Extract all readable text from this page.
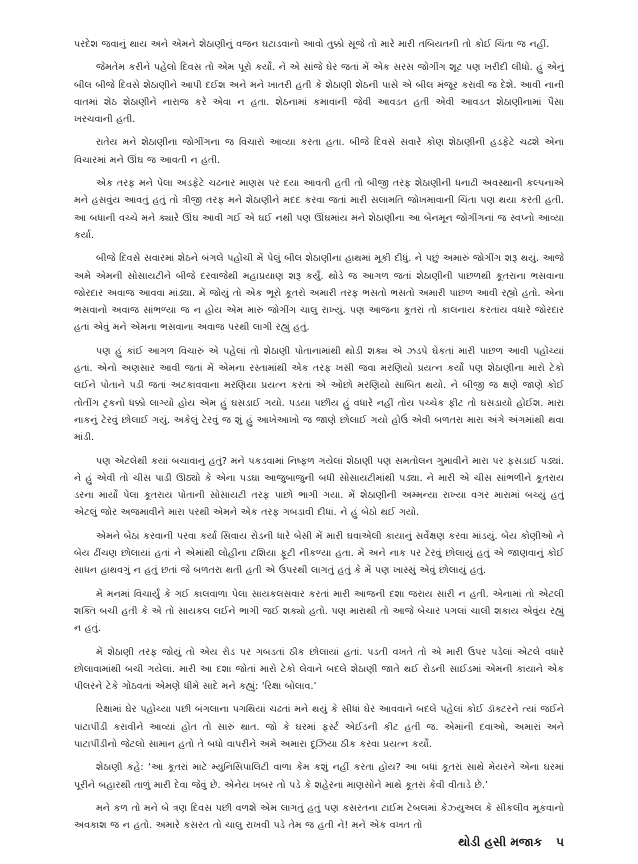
પરદેશ જવાનું થાય અને એમને શેઠાણીનું વજન ઘટાડવાનો આવો તુક્કો સૂજે તો મારે મારી તબિયતની તો કોઈ ચિંતા જ નહીં.

જેમતેમ કરીને પહેલો દિવસ તો એમ પૂરો કર્યો. ને એ સાંજે ઘેર જતાં મેં એક સરસ જોગીંગ શૂટ પણ ખરીદી લીધો. હું એનું બીલ બીજે દિવસે શેઠાણીને આપી દઈશ અને મને ખાતરી હતી કે શેઠાણી શેઠની પાસે એ બીલ મંજૂર કરાવી જ દેશે. આવી નાની વાતમાં શેઠ શેઠાણીને નારાજ કરે એવા ન હતા. શેઠનામાં કમાવાની જેવી આવડત હતી એવી આવડત શેઠાણીનામાં પૈસા ખરચવાની હતી.

રાતેય મને શેઠાણીના જોગીંગના જ વિચારો આવ્યા કરતા હતા. બીજે દિવસે સવારે કોણ શેઠાણીની હડફેટે ચઢશે એના વિચારમાં મને ઊંઘ જ આવતી ન હતી.

એક તરફ મને પેલા અડફેટે ચઢનાર માણસ પર દયા આવતી હતી તો બીજી તરફ શેઠાણીની ધનાઢી અવસ્થાની કલ્પનાએ મને હસવુંય આવતું હતું તો ત્રીજી તરફ મને શેઠાણીને મદદ કરવા જતાં મારી સલામતિ જોખમાવાની ચિંતા પણ થયા કરતી હતી. આ બધાની વચ્ચે મને ક્યારે ઊંઘ આવી ગઈ એ ઘઈ નથી પણ ઊંઘમાંય મને શેઠાણીના આ બેનમૂન જોગીંગનાં જ સ્વપ્નો આવ્યા કર્યા.

બીજે દિવસે સવારમાં શેઠને બંગલે પહોંચી મેં પેલું બીલ શેઠાણીના હાથમાં મૂકી દીધું. ને પછું અમારું જોગીંગ શરૂ થયું. આજે અમે એમની સોસાયટીને બીજે દરવાજેથી મહાપ્રયાણ શરૂ કર્યું. થોડે જ આગળ જતાં શેઠાણીની પાછળથી કૂતરાના ભસવાના જોરદાર અવાજ આવવા માંડ્યા. મેં જોયું તો એક ભૂરો કૂતરો અમારી તરફ ભસતો ભસતો અમારી પાછળ આવી રહ્યો હતો. એના ભસવાનો અવાજ સાંભળ્યા જ ન હોય એમ મારું જોગીંગ ચાલુ રાખ્યું. પણ આજના કૂતરાં તો કાલનાય કરતાંય વધારે જોરદાર હતાં એવું મને એમના ભસવાના અવાજ પરથી લાગી રહ્યું હતું.

પણ હું કાંઈ આગળ વિચારું એ પહેલાં તો શેઠાણી પોતાનામાંથી થોડી શક્ય એ ઝડપે ઘેકતાં મારી પાછળ આવી પહોંચ્યાં હતાં. એનો અણસાર આવી જતાં મેં એમના રસ્તામાંથી એક તરફ ખસી જવા મરણિયો પ્રયત્ન કર્યો પણ શેઠાણીના મારો ટેકો લઈને પોતાને પડી જતાં અટકાવવાના મરણિયા પ્રયત્ન કરતાં એ ઓછો મરણિયો સાબિત થયો. ને બીજી જ ક્ષણે જાણે કોઈ તોતીંગ ટ્રકનો ધક્કો લાગ્યો હોય એમ હું ઘસડાઈ ગયો. પડયા પછીય હું વધારે નહીં તોય પચ્ચેક ફીટ તો ઘસડાયો હોઈશ. મારા નાકનું ટેરવું છોલાઈ ગયું. અકેલું ટેરવું જ શું હું આખેઆખો જ જાણે છોલાઈ ગયો હોઉં એવી બળતરા મારા અંગે અંગમાંથી થવા માંડી.

પણ એટલેથી કયાં બચાવાનું હતું? મને પકડવામાં નિષ્ફળ ગયેલાં શેઠાણી પણ સમતોલન ગુમાવીને મારા પર ફસડાઈ પડ્યાં. ને હું એવી તો ચીસ પાડી ઊઠ્યો કે એના પડઘા આજુબાજુની બધી સોસાયટીમાંથી પડ્યા. ને મારી એ ચીસ સાંભળીને કૂતરાય ડરના માર્યો પેલા કૂતરાય પોતાની સોસાયટી તરફ પાછો ભાગી ગયા. મેં શેઠાણીની અમ્મન્યા રાખ્યા વગર મારામાં બચ્યું હતું એટલું જોર અજમાવીને મારા પરથી એમને એક તરફ ગબડાવી દીધાં. ને હું બેઠો થઈ ગયો.

એમને બેઠાં કરવાની પરવા કર્યા સિવાય રોડની ધારે બેસી મેં મારી ઘવાએલી કાયાનું સર્વેક્ષણ કરવા માંડયું. બેય કોણીઓ ને બેય ઢીંચણ છોલાયાં હતાં ને એમાંથી લોહીના ટશિયા ફૂટી નીકળ્યા હતા. મેં અને નાક પર ટેરવું છોલાયું હતું એ જાણવાનું કોઈ સાધન હાથવગું ન હતું છતાં જે બળતરા થતી હતી એ ઉપરથી લાગતું હતું કે મેં પણ ખાસ્સું એવું છોલાયું હતું.

મેં મનમાં વિચાર્યું કે ગઈ કાલવાળા પેલા સાયકલસવાર કરતાં મારી આજની દશા જરાય સારી ન હતી. એનામાં તો એટલી શક્તિ બચી હતી કે એ તો સાયકલ લઈને ભાગી જઈ શક્યો હતો. પણ મારાથી તો આજે બેચાર પગલાં ચાલી શકાય એવુંય રહ્યું ન હતું.

મેં શેઠાણી તરફ જોયું તો એય રોડ પર ગબડતાં ઠીક છોલાયાં હતાં. પડતી વખતે તો એ મારી ઉપર પડેલાં એટલે વધારે છોલાવામાંથી બચી ગયેલાં. મારી આ દશા જોતાં મારો ટેકો લેવાને બદલે શેઠાણી જાતે થઈ રોડની સાઈડમાં એમની કાયાને એક પીલરને ટેકે ગોઠવતાં એમણે ધીમે સાદે મને કહ્યું: ‘રિક્ષા બોલાવ.’

રિક્ષામાં ઘેર પહોંચ્યા પછી બંગલાના પગથિયાં ચઢતાં મને થયું કે સીધાં ઘેર આવવાને બદલે પહેલાં કોઈ ડૉક્ટરને ત્યાં જઈને પાટાપીંડી કરાવીને આવ્યાં હોત તો સારું થાત. જો કે ઘરમાં ફર્સ્ટ એઈડની કીટ હતી જ. એમાંની દવાઓ, અમારાં અને પાટાપીંડીનો જેટલો સામાન હતો તે બધો વાપરીને અમે અમારા દૂઝિયા ઠીક કરવા પ્રયત્ન કર્યો.

શેઠાણી કહે: ‘આ કૂતરાં માટે મ્યુનિસિપાલિટી વાળા કેમ કશું નહીં કરતા હોય? આ બધાં કૂતરાં સાથે મેયરને એના ઘરમાં પૂરીને બહારથી તાળું મારી દેવા જેવું છે. એનેય ખબર તો પડે કે શહેરનાં માણસોને માથે કૂતરાં કેવી વીતાડે છે.’

મને કળ તો મને બે ત્રણ દિવસ પછી વળશે એમ લાગતું હતું પણ કસરતના ટાઈમ ટેબલમાં કેઝ્યુઅલ કે સીકલીવ મૂકવાનો અવકાશ જ ન હતો. અમારે કસરત તો ચાલુ રાખવી પડે તેમ જ હતી ને! મને એક વખત તો

થોડી હસી મજાક ૫
